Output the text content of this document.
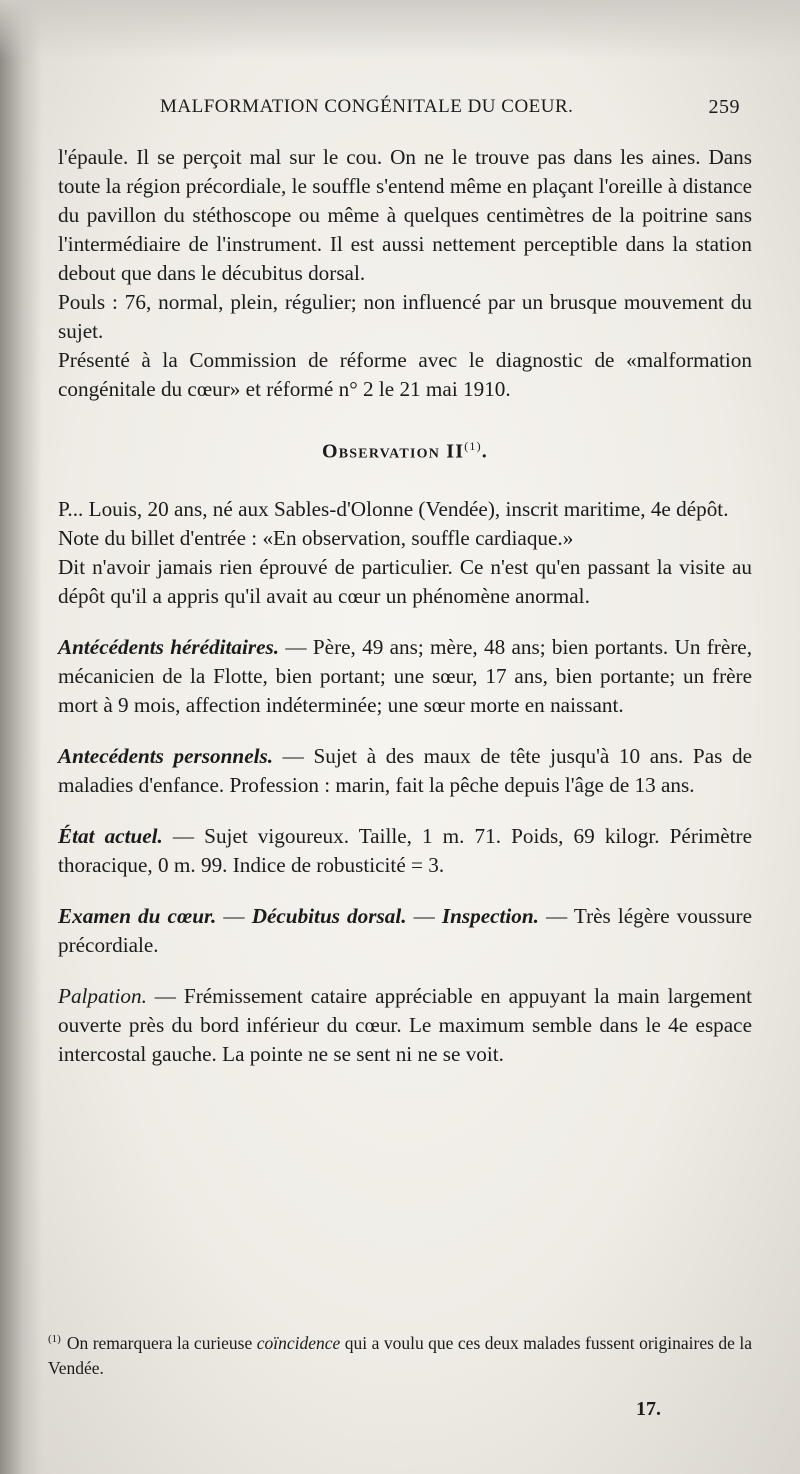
MALFORMATION CONGÉNITALE DU COEUR.	259

l'épaule. Il se perçoit mal sur le cou. On ne le trouve pas dans les aines. Dans toute la région précordiale, le souffle s'entend même en plaçant l'oreille à distance du pavillon du stéthoscope ou même à quelques centimètres de la poitrine sans l'intermédiaire de l'instrument. Il est aussi nettement perceptible dans la station debout que dans le décubitus dorsal.

Pouls : 76, normal, plein, régulier; non influencé par un brusque mouvement du sujet.

Présenté à la Commission de réforme avec le diagnostic de «malformation congénitale du cœur» et réformé n° 2 le 21 mai 1910.

Observation II$^{(1)}$.

P... Louis, 20 ans, né aux Sables-d'Olonne (Vendée), inscrit maritime, 4e dépôt.

Note du billet d'entrée : «En observation, souffle cardiaque.»

Dit n'avoir jamais rien éprouvé de particulier. Ce n'est qu'en passant la visite au dépôt qu'il a appris qu'il avait au cœur un phénomène anormal.

Antécédents héréditaires. — Père, 49 ans; mère, 48 ans; bien portants. Un frère, mécanicien de la Flotte, bien portant; une sœur, 17 ans, bien portante; un frère mort à 9 mois, affection indéterminée; une sœur morte en naissant.

Antecédents personnels. — Sujet à des maux de tête jusqu'à 10 ans. Pas de maladies d'enfance. Profession : marin, fait la pêche depuis l'âge de 13 ans.

État actuel. — Sujet vigoureux. Taille, 1 m. 71. Poids, 69 kilogr. Périmètre thoracique, 0 m. 99. Indice de robusticité = 3.

Examen du cœur. — Décubitus dorsal. — Inspection. — Très légère voussure précordiale.

Palpation. — Frémissement cataire appréciable en appuyant la main largement ouverte près du bord inférieur du cœur. Le maximum semble dans le 4e espace intercostal gauche. La pointe ne se sent ni ne se voit.

$^{(1)}$ On remarquera la curieuse coïncidence qui a voulu que ces deux malades fussent originaires de la Vendée.
17.
